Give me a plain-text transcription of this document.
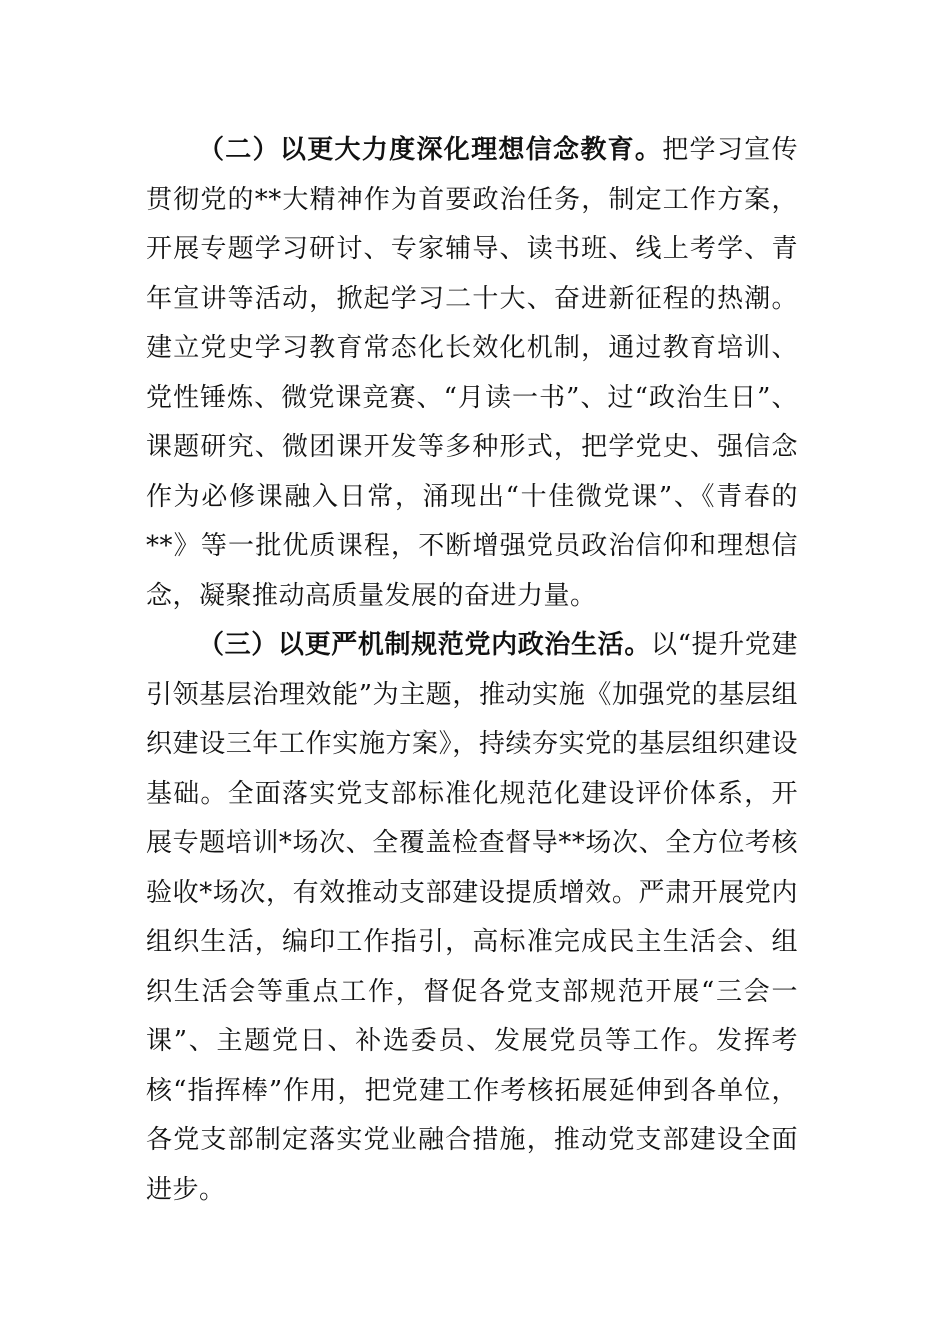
（二）以更大力度深化理想信念教育。把学习宣传贯彻党的**大精神作为首要政治任务，制定工作方案，开展专题学习研讨、专家辅导、读书班、线上考学、青年宣讲等活动，掀起学习二十大、奋进新征程的热潮。建立党史学习教育常态化长效化机制，通过教育培训、党性锤炼、微党课竞赛、“月读一书”、过“政治生日”、课题研究、微团课开发等多种形式，把学党史、强信念作为必修课融入日常，涌现出“十佳微党课”、《青春的**》等一批优质课程，不断增强党员政治信仰和理想信念，凝聚推动高质量发展的奋进力量。

（三）以更严机制规范党内政治生活。以“提升党建引领基层治理效能”为主题，推动实施《加强党的基层组织建设三年工作实施方案》，持续夯实党的基层组织建设基础。全面落实党支部标准化规范化建设评价体系，开展专题培训*场次、全覆盖检查督导**场次、全方位考核验收*场次，有效推动支部建设提质增效。严肃开展党内组织生活，编印工作指引，高标准完成民主生活会、组织生活会等重点工作，督促各党支部规范开展“三会一课”、主题党日、补选委员、发展党员等工作。发挥考核“指挥棒”作用，把党建工作考核拓展延伸到各单位，各党支部制定落实党业融合措施，推动党支部建设全面进步。
